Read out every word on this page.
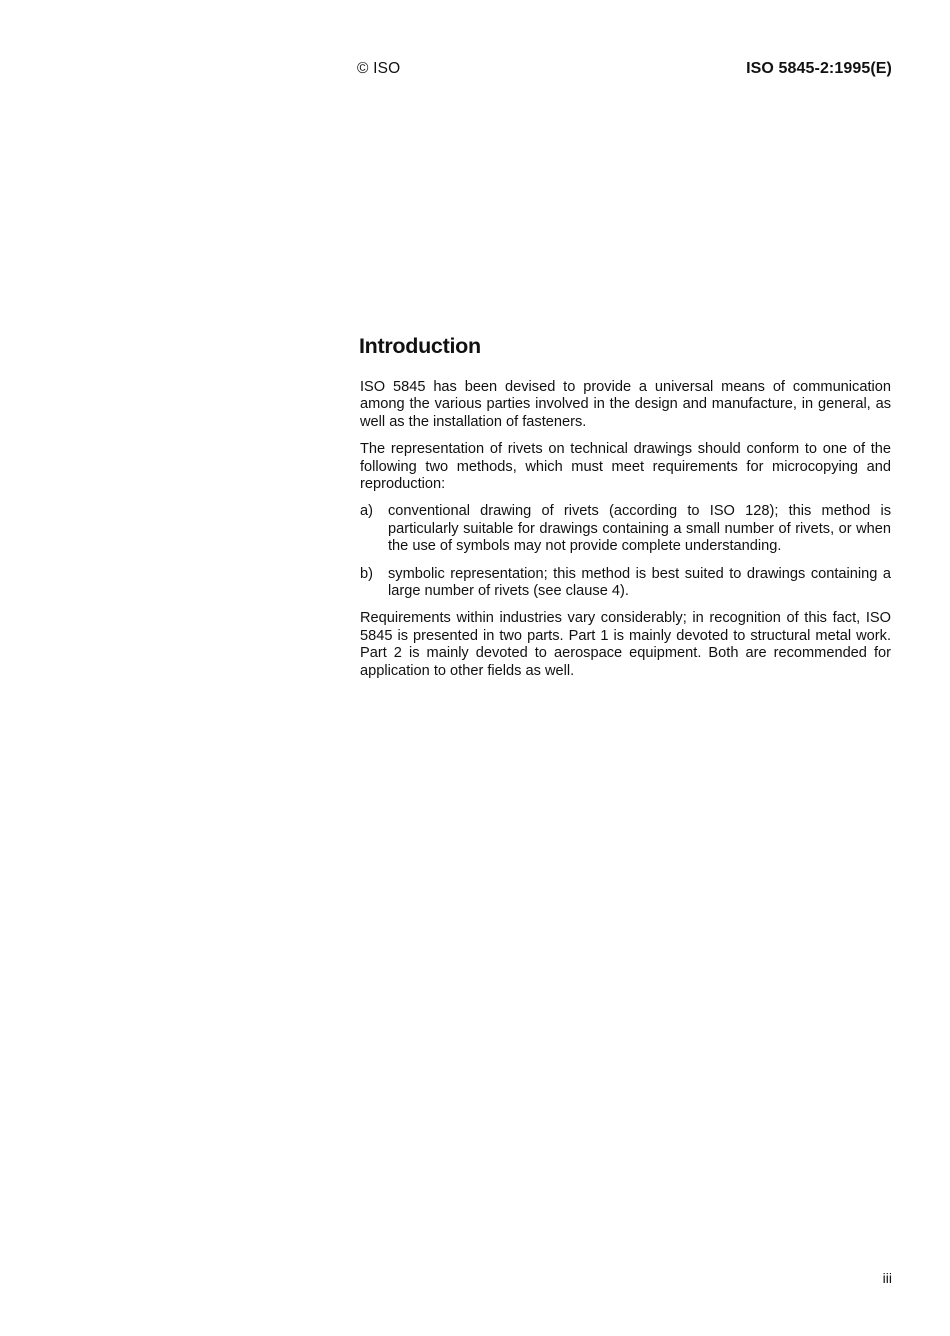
© ISO	ISO 5845-2:1995(E)
Introduction

ISO 5845 has been devised to provide a universal means of communication among the various parties involved in the design and manufacture, in general, as well as the installation of fasteners.

The representation of rivets on technical drawings should conform to one of the following two methods, which must meet requirements for microcopying and reproduction:

a)	conventional drawing of rivets (according to ISO 128); this method is particularly suitable for drawings containing a small number of rivets, or when the use of symbols may not provide complete understanding.
b)	symbolic representation; this method is best suited to drawings containing a large number of rivets (see clause 4).

Requirements within industries vary considerably; in recognition of this fact, ISO 5845 is presented in two parts. Part 1 is mainly devoted to structural metal work. Part 2 is mainly devoted to aerospace equipment. Both are recommended for application to other fields as well.

iii
